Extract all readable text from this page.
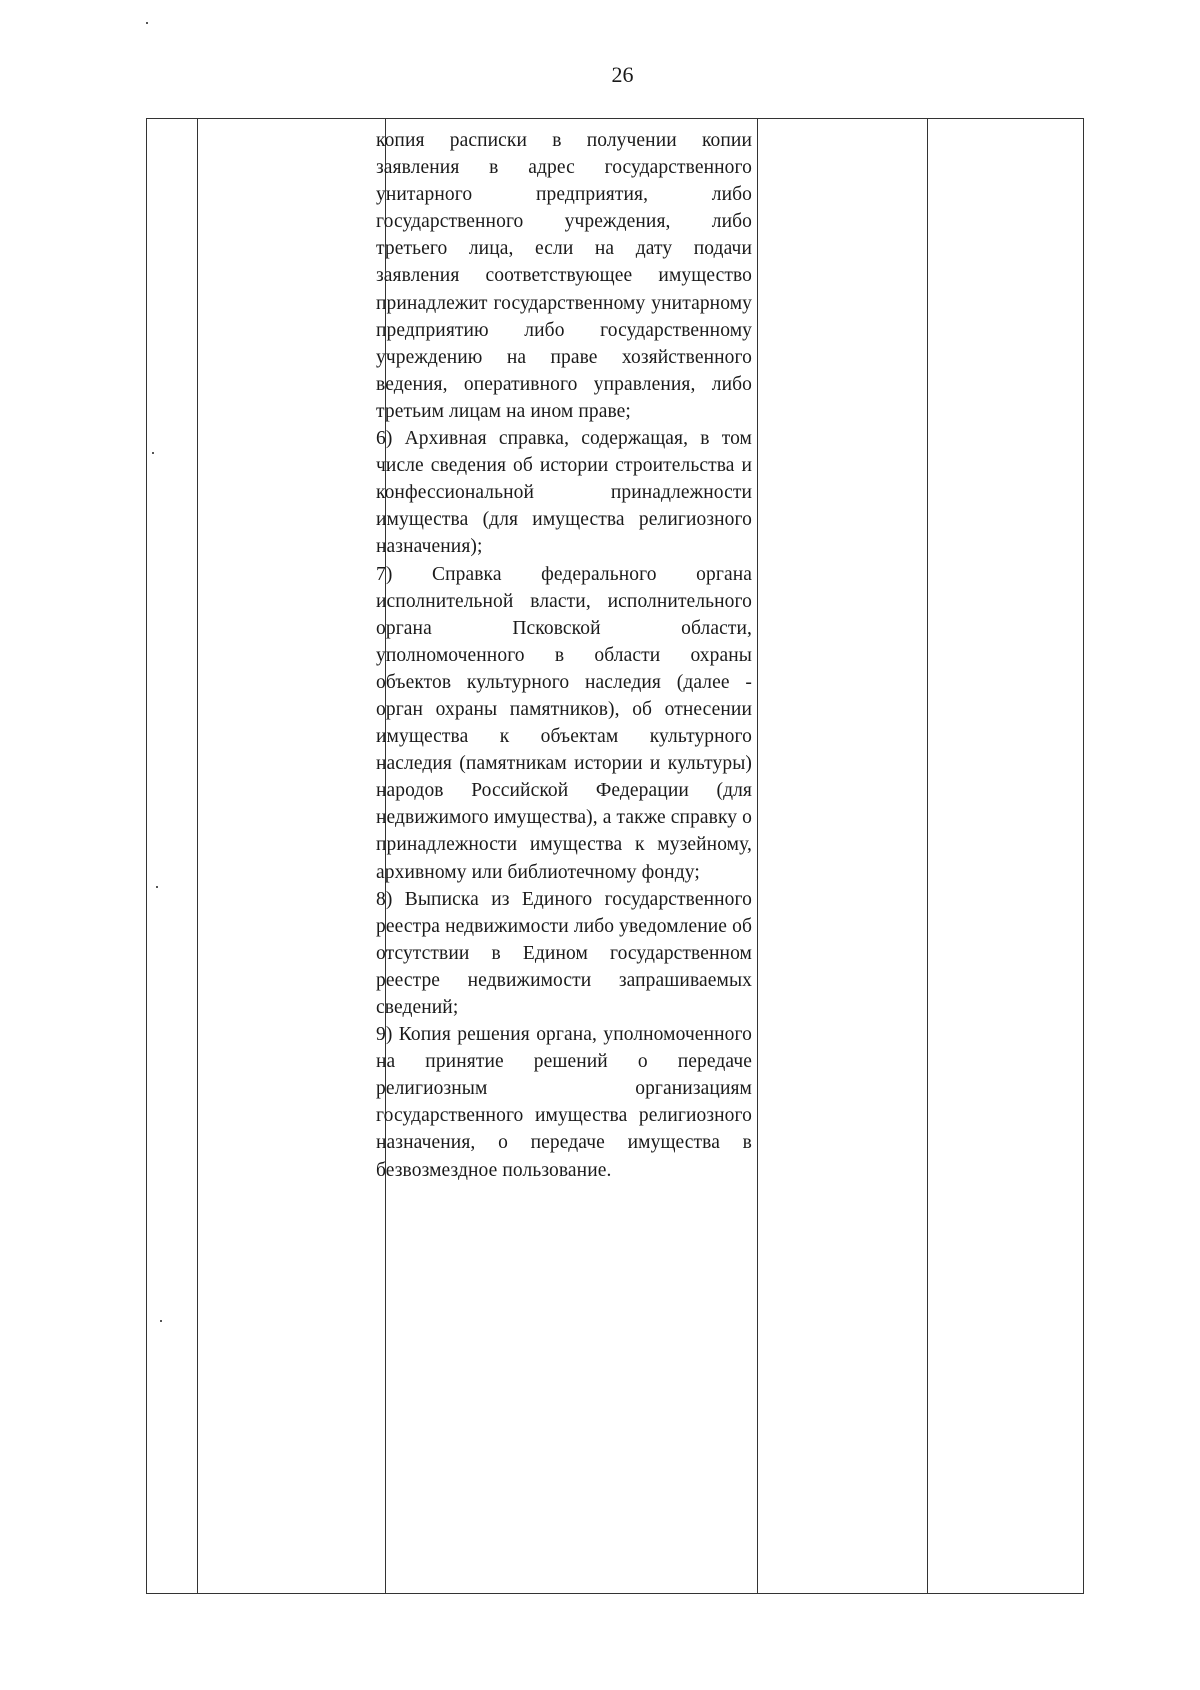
26

копия расписки в получении копии заявления в адрес государственного унитарного предприятия, либо государственного учреждения, либо третьего лица, если на дату подачи заявления соответствующее имущество принадлежит государственному унитарному предприятию либо государственному учреждению на праве хозяйственного ведения, оперативного управления, либо третьим лицам на ином праве;

6) Архивная справка, содержащая, в том числе сведения об истории строительства и конфессиональной принадлежности имущества (для имущества религиозного назначения);

7) Справка федерального органа исполнительной власти, исполнительного органа Псковской области, уполномоченного в области охраны объектов культурного наследия (далее - орган охраны памятников), об отнесении имущества к объектам культурного наследия (памятникам истории и культуры) народов Российской Федерации (для недвижимого имущества), а также справку о принадлежности имущества к музейному, архивному или библиотечному фонду;

8) Выписка из Единого государственного реестра недвижимости либо уведомление об отсутствии в Едином государственном реестре недвижимости запрашиваемых сведений;

9) Копия решения органа, уполномоченного на принятие решений о передаче религиозным организациям государственного имущества религиозного назначения, о передаче имущества в безвозмездное пользование.
